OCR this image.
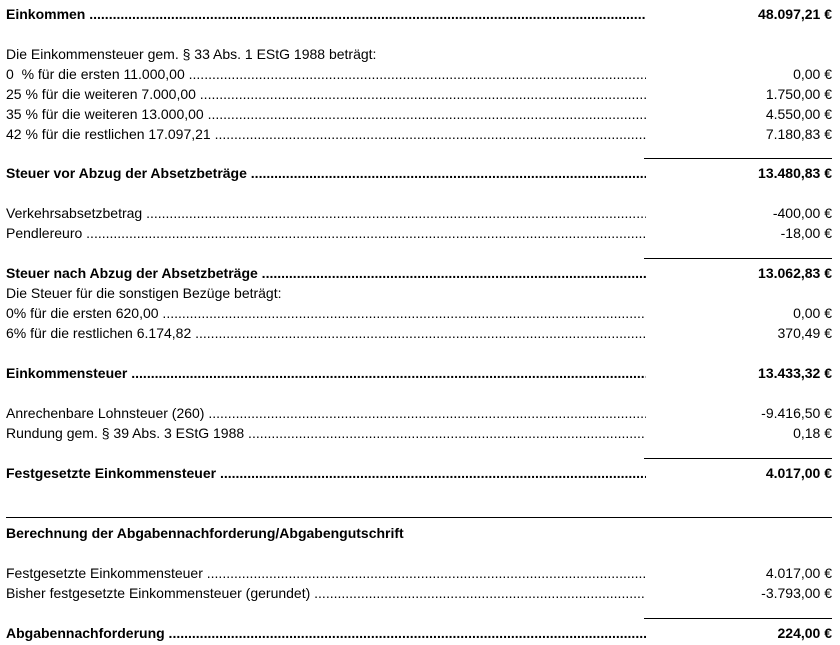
Einkommen .....	48.097,21 €
Die Einkommensteuer gem. § 33 Abs. 1 EStG 1988 beträgt:
0  % für die ersten 11.000,00 .....	0,00 €
25 % für die weiteren 7.000,00 .....	1.750,00 €
35 % für die weiteren 13.000,00 .....	4.550,00 €
42 % für die restlichen 17.097,21 .....	7.180,83 €
Steuer vor Abzug der Absetzbeträge .....	13.480,83 €
Verkehrsabsetzbetrag .....	-400,00 €
Pendlereuro .....	-18,00 €
Steuer nach Abzug der Absetzbeträge .....	13.062,83 €
Die Steuer für die sonstigen Bezüge beträgt:
0% für die ersten 620,00 .....	0,00 €
6% für die restlichen 6.174,82 .....	370,49 €
Einkommensteuer .....	13.433,32 €
Anrechenbare Lohnsteuer (260) .....	-9.416,50 €
Rundung gem. § 39 Abs. 3 EStG 1988 .....	0,18 €
Festgesetzte Einkommensteuer .....	4.017,00 €
Berechnung der Abgabennachforderung/Abgabengutschrift
Festgesetzte Einkommensteuer .....	4.017,00 €
Bisher festgesetzte Einkommensteuer (gerundet) .....	-3.793,00 €
Abgabennachforderung .....	224,00 €
